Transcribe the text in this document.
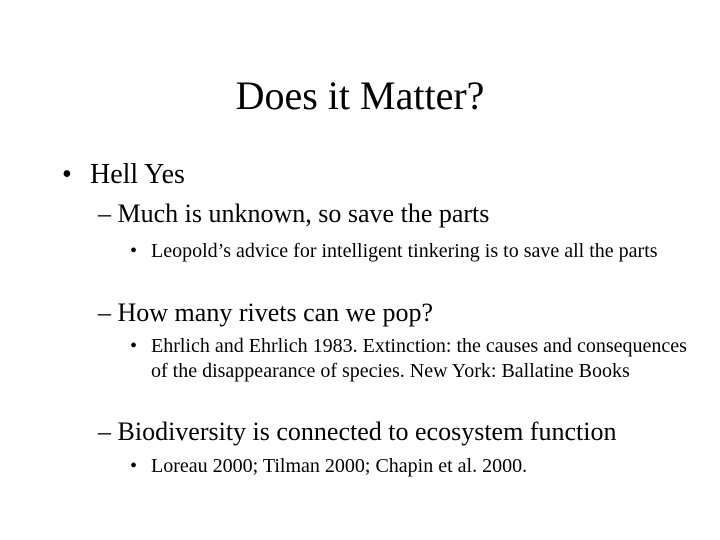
Does it Matter?
• Hell Yes
– Much is unknown, so save the parts
• Leopold’s advice for intelligent tinkering is to save all the parts
– How many rivets can we pop?
• Ehrlich and Ehrlich 1983. Extinction: the causes and consequences of the disappearance of species. New York: Ballatine Books
– Biodiversity is connected to ecosystem function
• Loreau 2000; Tilman 2000; Chapin et al. 2000.
